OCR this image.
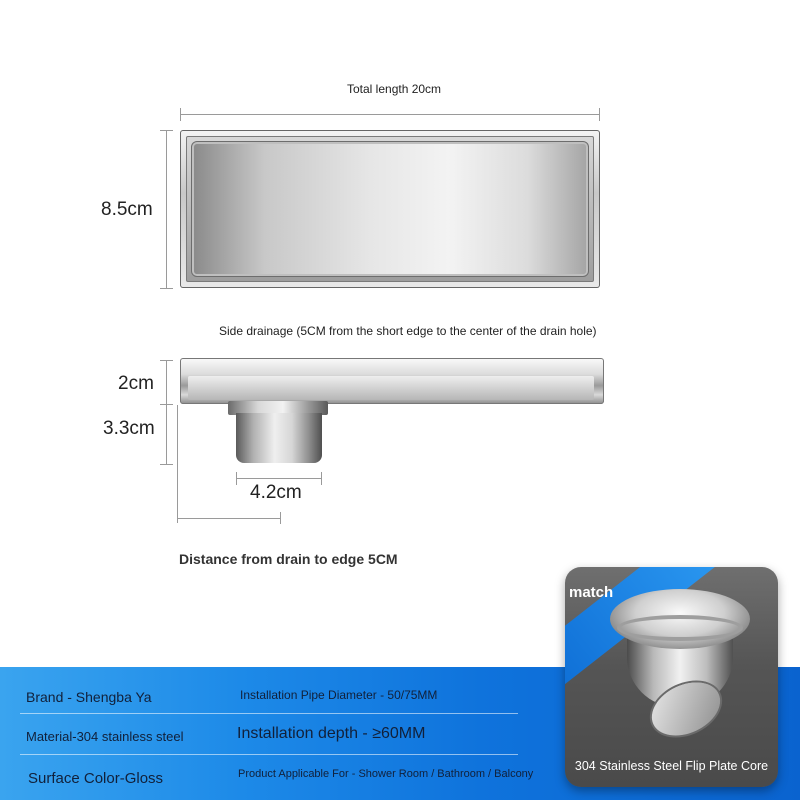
Total length 20cm
8.5cm
Side drainage (5CM from the short edge to the center of the drain hole)
2cm
3.3cm
4.2cm
Distance from drain to edge 5CM
Brand - Shengba Ya
Material-304 stainless steel
Surface Color-Gloss
Installation Pipe Diameter - 50/75MM
Installation depth - ≥60MM
Product Applicable For - Shower Room / Bathroom / Balcony
match
304 Stainless Steel Flip Plate Core
